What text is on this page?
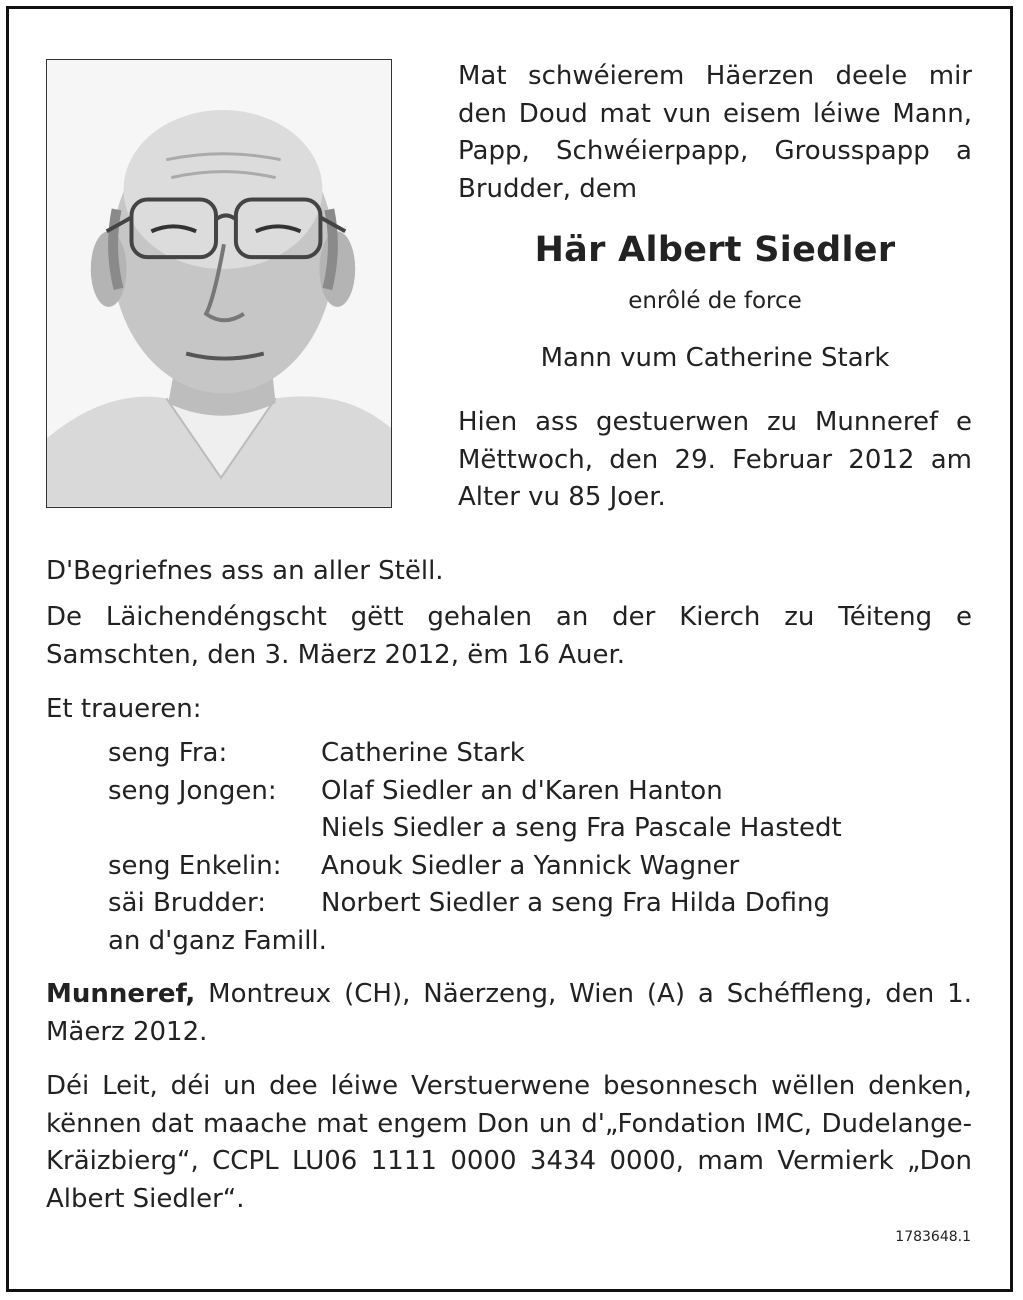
Mat schwéierem Häerzen deele mir den Doud mat vun eisem léiwe Mann, Papp, Schwéierpapp, Grousspapp a Brudder, dem

Här Albert Siedler

enrôlé de force

Mann vum Catherine Stark

Hien ass gestuerwen zu Munneref e Mëttwoch, den 29. Februar 2012 am Alter vu 85 Joer.

D'Begriefnes ass an aller Stëll.

De Läichendéngscht gëtt gehalen an der Kierch zu Téiteng e Samschten, den 3. Mäerz 2012, ëm 16 Auer.

Et traueren:

seng Fra:	Catherine Stark
seng Jongen:	Olaf Siedler an d'Karen Hanton
Niels Siedler a seng Fra Pascale Hastedt
seng Enkelin:	Anouk Siedler a Yannick Wagner
säi Brudder:	Norbert Siedler a seng Fra Hilda Dofing
an d'ganz Famill.

Munneref, Montreux (CH), Näerzeng, Wien (A) a Schéffleng, den 1. Mäerz 2012.

Déi Leit, déi un dee léiwe Verstuerwene besonnesch wëllen denken, kënnen dat maache mat engem Don un d'„Fondation IMC, Dudelange-Kräizbierg“, CCPL LU06 1111 0000 3434 0000, mam Vermierk „Don Albert Siedler“.

1783648.1
